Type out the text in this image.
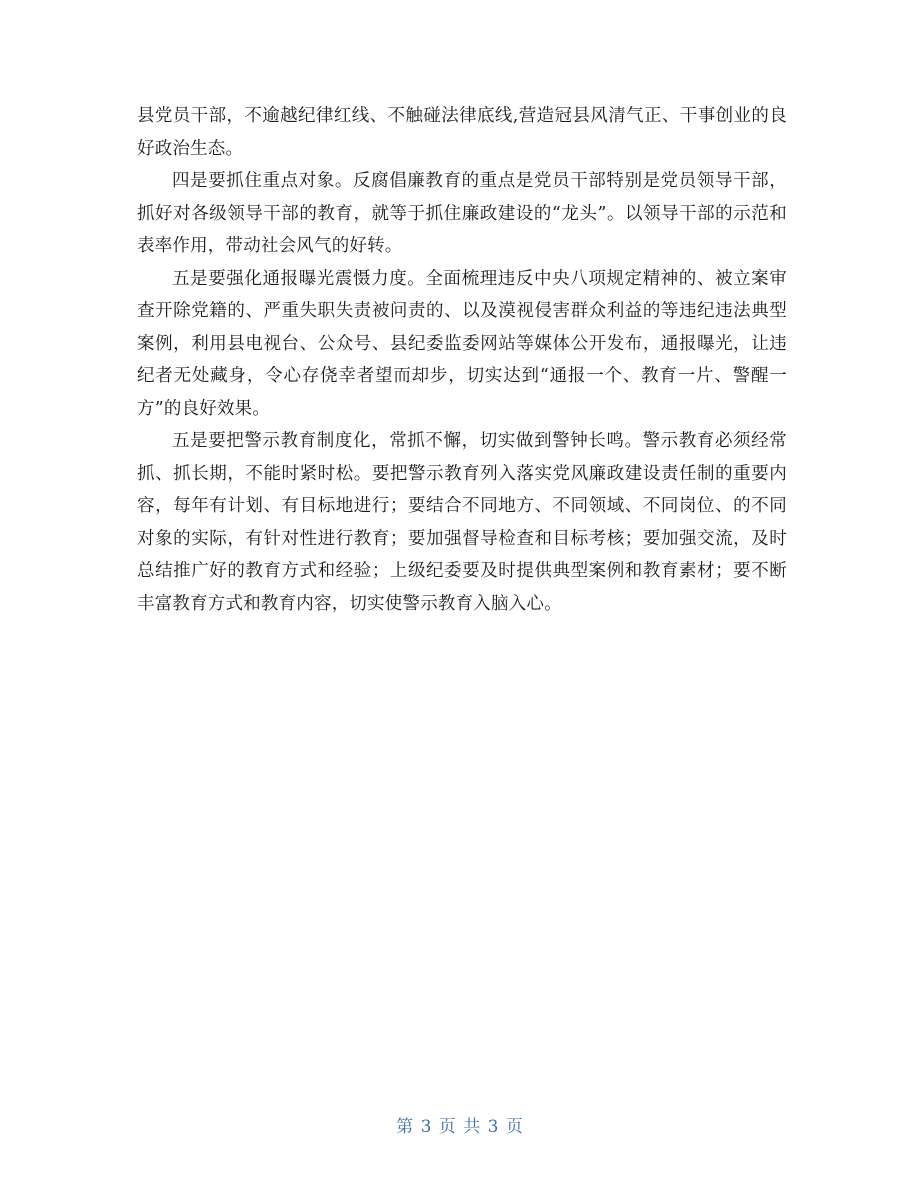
县党员干部，不逾越纪律红线、不触碰法律底线,营造冠县风清气正、干事创业的良好政治生态。

四是要抓住重点对象。反腐倡廉教育的重点是党员干部特别是党员领导干部，抓好对各级领导干部的教育，就等于抓住廉政建设的“龙头”。以领导干部的示范和表率作用，带动社会风气的好转。

五是要强化通报曝光震慑力度。全面梳理违反中央八项规定精神的、被立案审查开除党籍的、严重失职失责被问责的、以及漠视侵害群众利益的等违纪违法典型案例，利用县电视台、公众号、县纪委监委网站等媒体公开发布，通报曝光，让违纪者无处藏身，令心存侥幸者望而却步，切实达到“通报一个、教育一片、警醒一方”的良好效果。

五是要把警示教育制度化，常抓不懈，切实做到警钟长鸣。警示教育必须经常抓、抓长期，不能时紧时松。要把警示教育列入落实党风廉政建设责任制的重要内容，每年有计划、有目标地进行；要结合不同地方、不同领域、不同岗位、的不同对象的实际，有针对性进行教育；要加强督导检查和目标考核；要加强交流，及时总结推广好的教育方式和经验；上级纪委要及时提供典型案例和教育素材；要不断丰富教育方式和教育内容，切实使警示教育入脑入心。

第 3 页 共 3 页
